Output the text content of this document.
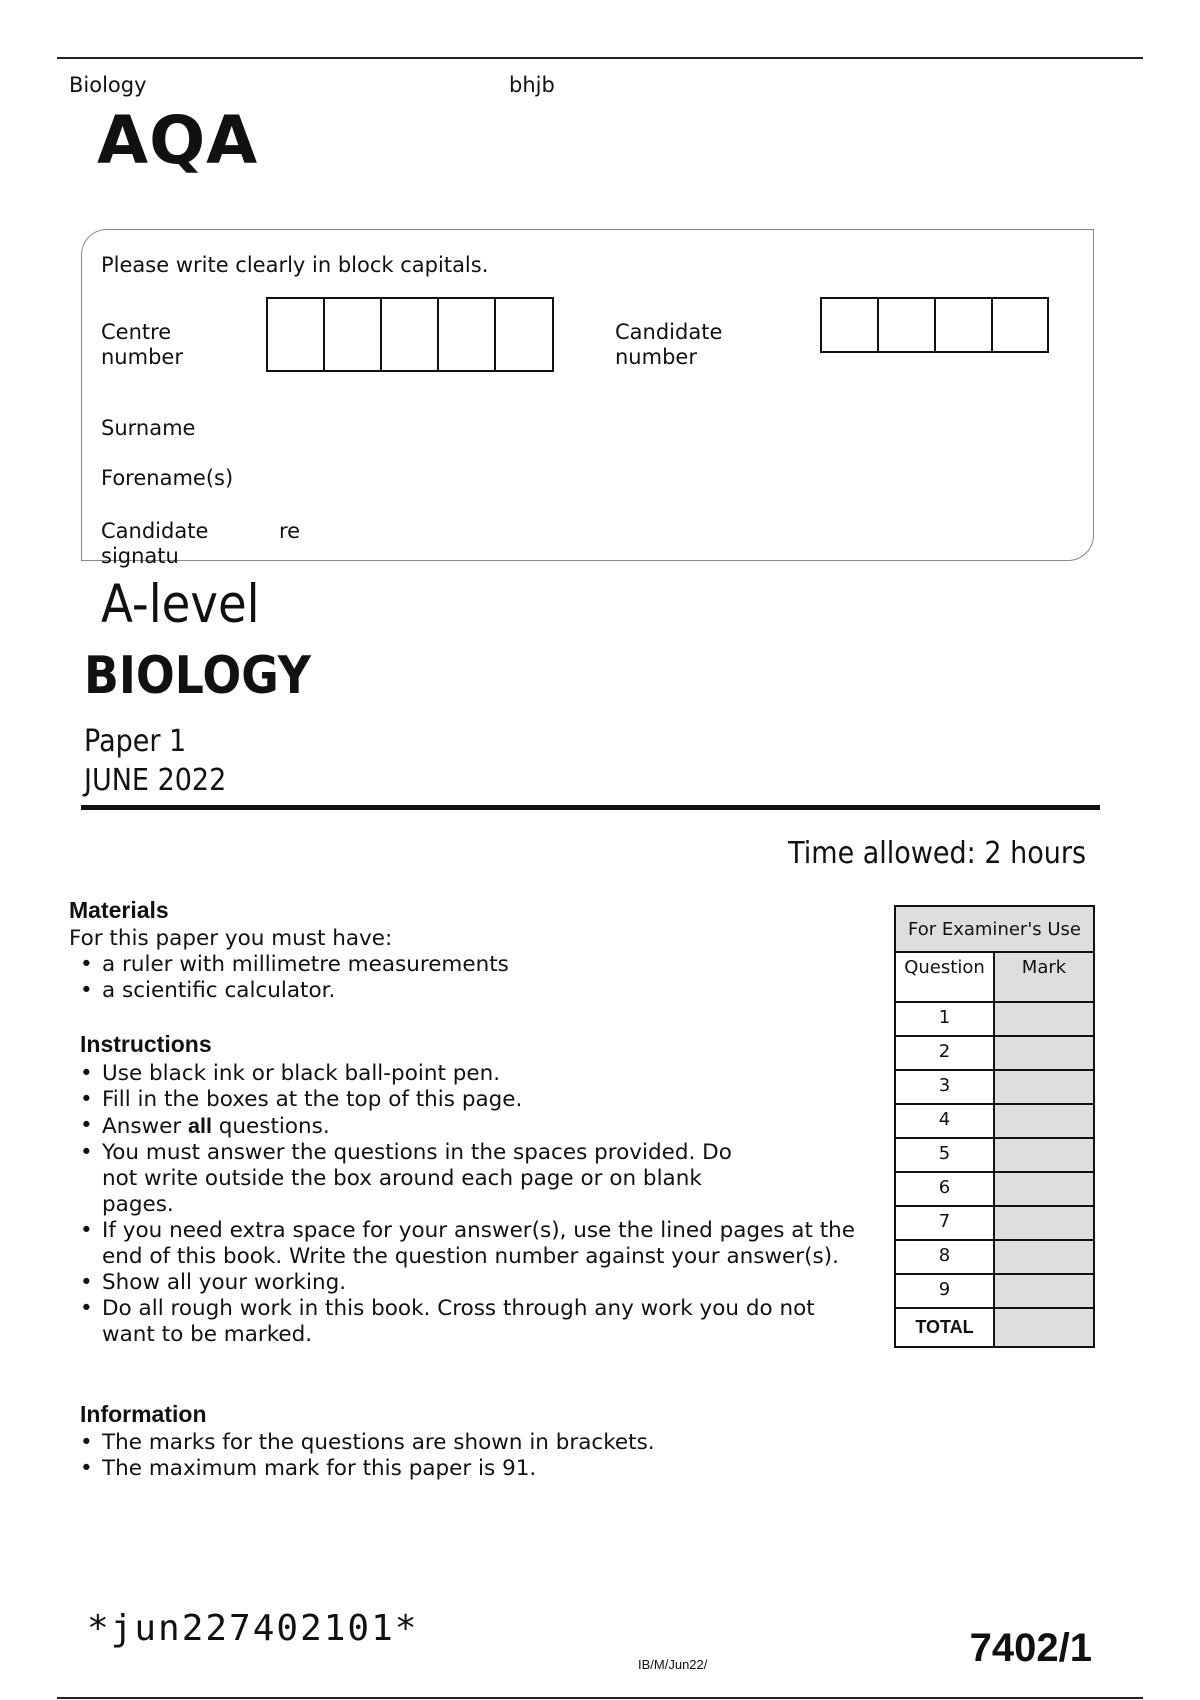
Biology	bhjb
AQA
Please write clearly in block capitals.
Centre
number
Candidate
number
Surname
Forename(s)
Candidate
signatu
re
A-level
BIOLOGY
Paper 1
JUNE 2022
Time allowed: 2 hours
Materials
For this paper you must have:
• a ruler with millimetre measurements
• a scientific calculator.
Instructions
• Use black ink or black ball-point pen.
• Fill in the boxes at the top of this page.
• Answer all questions.
• You must answer the questions in the spaces provided. Do not write outside the box around each page or on blank pages.
• If you need extra space for your answer(s), use the lined pages at the end of this book. Write the question number against your answer(s).
• Show all your working.
• Do all rough work in this book. Cross through any work you do not want to be marked.
Information
• The marks for the questions are shown in brackets.
• The maximum mark for this paper is 91.
For Examiner's Use
Question	Mark
1
2
3
4
5
6
7
8
9
TOTAL
*jun227402101*
IB/M/Jun22/	7402/1
